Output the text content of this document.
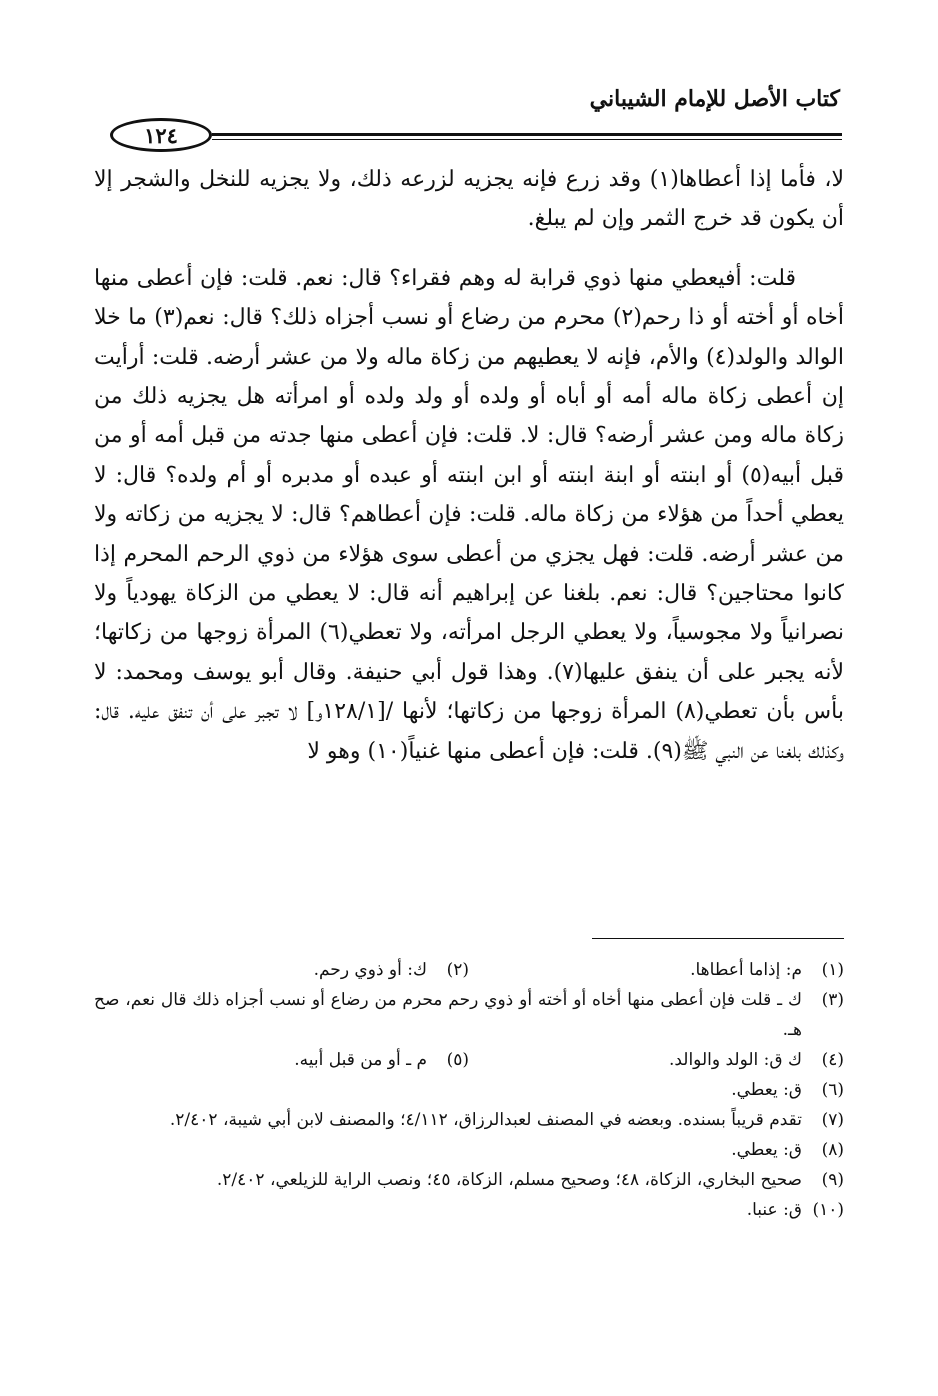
كتاب الأصل للإمام الشيباني
١٢٤

لا، فأما إذا أعطاها(١) وقد زرع فإنه يجزيه لزرعه ذلك، ولا يجزيه للنخل والشجر إلا أن يكون قد خرج الثمر وإن لم يبلغ.

قلت: أفيعطي منها ذوي قرابة له وهم فقراء؟ قال: نعم. قلت: فإن أعطى منها أخاه أو أخته أو ذا رحم(٢) محرم من رضاع أو نسب أجزاه ذلك؟ قال: نعم(٣) ما خلا الوالد والولد(٤) والأم، فإنه لا يعطيهم من زكاة ماله ولا من عشر أرضه. قلت: أرأيت إن أعطى زكاة ماله أمه أو أباه أو ولده أو ولد ولده أو امرأته هل يجزيه ذلك من زكاة ماله ومن عشر أرضه؟ قال: لا. قلت: فإن أعطى منها جدته من قبل أمه أو من قبل أبيه(٥) أو ابنته أو ابنة ابنته أو ابن ابنته أو عبده أو مدبره أو أم ولده؟ قال: لا يعطي أحداً من هؤلاء من زكاة ماله. قلت: فإن أعطاهم؟ قال: لا يجزيه من زكاته ولا من عشر أرضه. قلت: فهل يجزي من أعطى سوى هؤلاء من ذوي الرحم المحرم إذا كانوا محتاجين؟ قال: نعم. بلغنا عن إبراهيم أنه قال: لا يعطي من الزكاة يهودياً ولا نصرانياً ولا مجوسياً، ولا يعطي الرجل امرأته، ولا تعطي(٦) المرأة زوجها من زكاتها؛ لأنه يجبر على أن ينفق عليها(٧). وهذا قول أبي حنيفة. وقال أبو يوسف ومحمد: لا بأس بأن تعطي(٨) المرأة زوجها من زكاتها؛ لأنها /[١٢٨/١و] لا تجبر على أن تنفق عليه. قال: وكذلك بلغنا عن النبي ﷺ(٩). قلت: فإن أعطى منها غنياً(١٠) وهو لا

(١)
م: إذاما أعطاها.
(٢)
ك: أو ذوي رحم.
(٣)
ك ـ قلت فإن أعطى منها أخاه أو أخته أو ذوي رحم محرم من رضاع أو نسب أجزاه ذلك قال نعم، صح هـ.
(٤)
ك ق: الولد والوالد.
(٥)
م ـ أو من قبل أبيه.
(٦)
ق: يعطي.
(٧)
تقدم قريباً بسنده. وبعضه في المصنف لعبدالرزاق، ٤/١١٢؛ والمصنف لابن أبي شيبة، ٢/٤٠٢.
(٨)
ق: يعطي.
(٩)
صحيح البخاري، الزكاة، ٤٨؛ وصحيح مسلم، الزكاة، ٤٥؛ ونصب الراية للزيلعي، ٢/٤٠٢.
(١٠)
ق: عنبا.
